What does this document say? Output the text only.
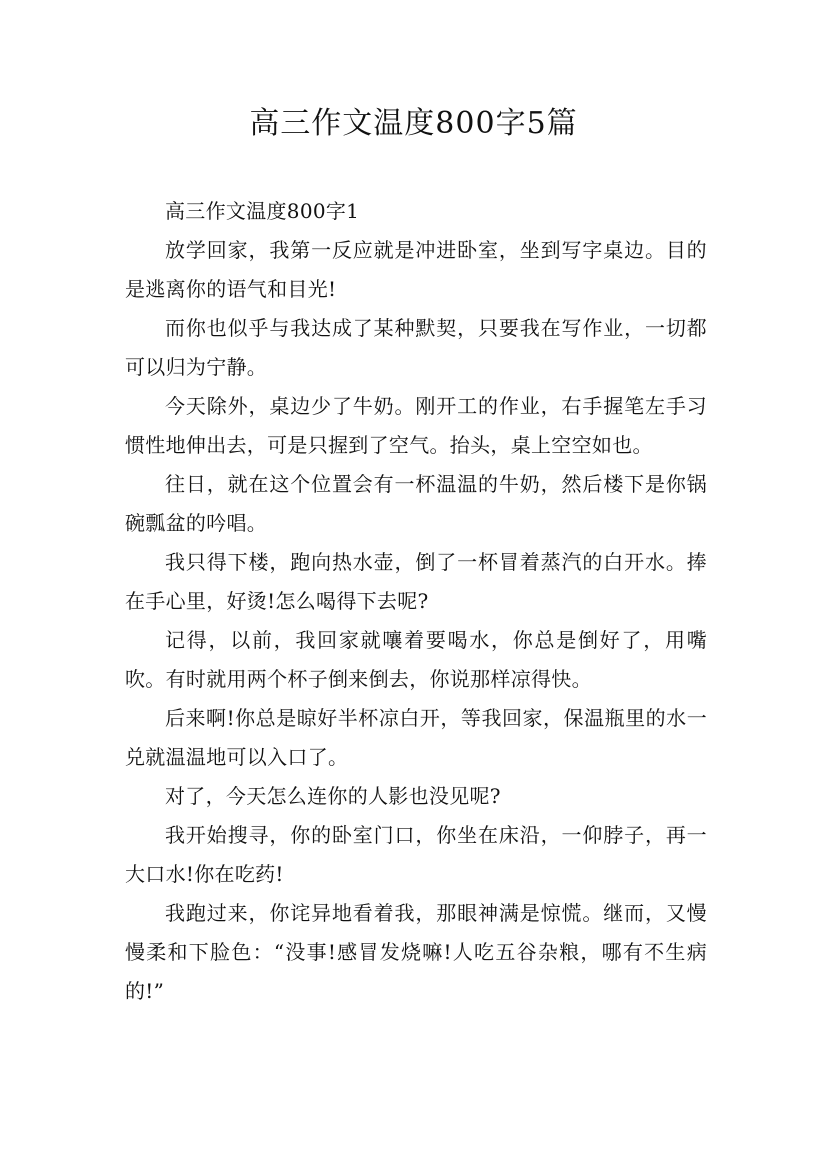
高三作文温度800字5篇

高三作文温度800字1

放学回家，我第一反应就是冲进卧室，坐到写字桌边。目的是逃离你的语气和目光!

而你也似乎与我达成了某种默契，只要我在写作业，一切都可以归为宁静。

今天除外，桌边少了牛奶。刚开工的作业，右手握笔左手习惯性地伸出去，可是只握到了空气。抬头，桌上空空如也。

往日，就在这个位置会有一杯温温的牛奶，然后楼下是你锅碗瓢盆的吟唱。

我只得下楼，跑向热水壶，倒了一杯冒着蒸汽的白开水。捧在手心里，好烫!怎么喝得下去呢?

记得，以前，我回家就嚷着要喝水，你总是倒好了，用嘴吹。有时就用两个杯子倒来倒去，你说那样凉得快。

后来啊!你总是晾好半杯凉白开，等我回家，保温瓶里的水一兑就温温地可以入口了。

对了，今天怎么连你的人影也没见呢?

我开始搜寻，你的卧室门口，你坐在床沿，一仰脖子，再一大口水!你在吃药!

我跑过来，你诧异地看着我，那眼神满是惊慌。继而，又慢慢柔和下脸色：“没事!感冒发烧嘛!人吃五谷杂粮，哪有不生病的!”
